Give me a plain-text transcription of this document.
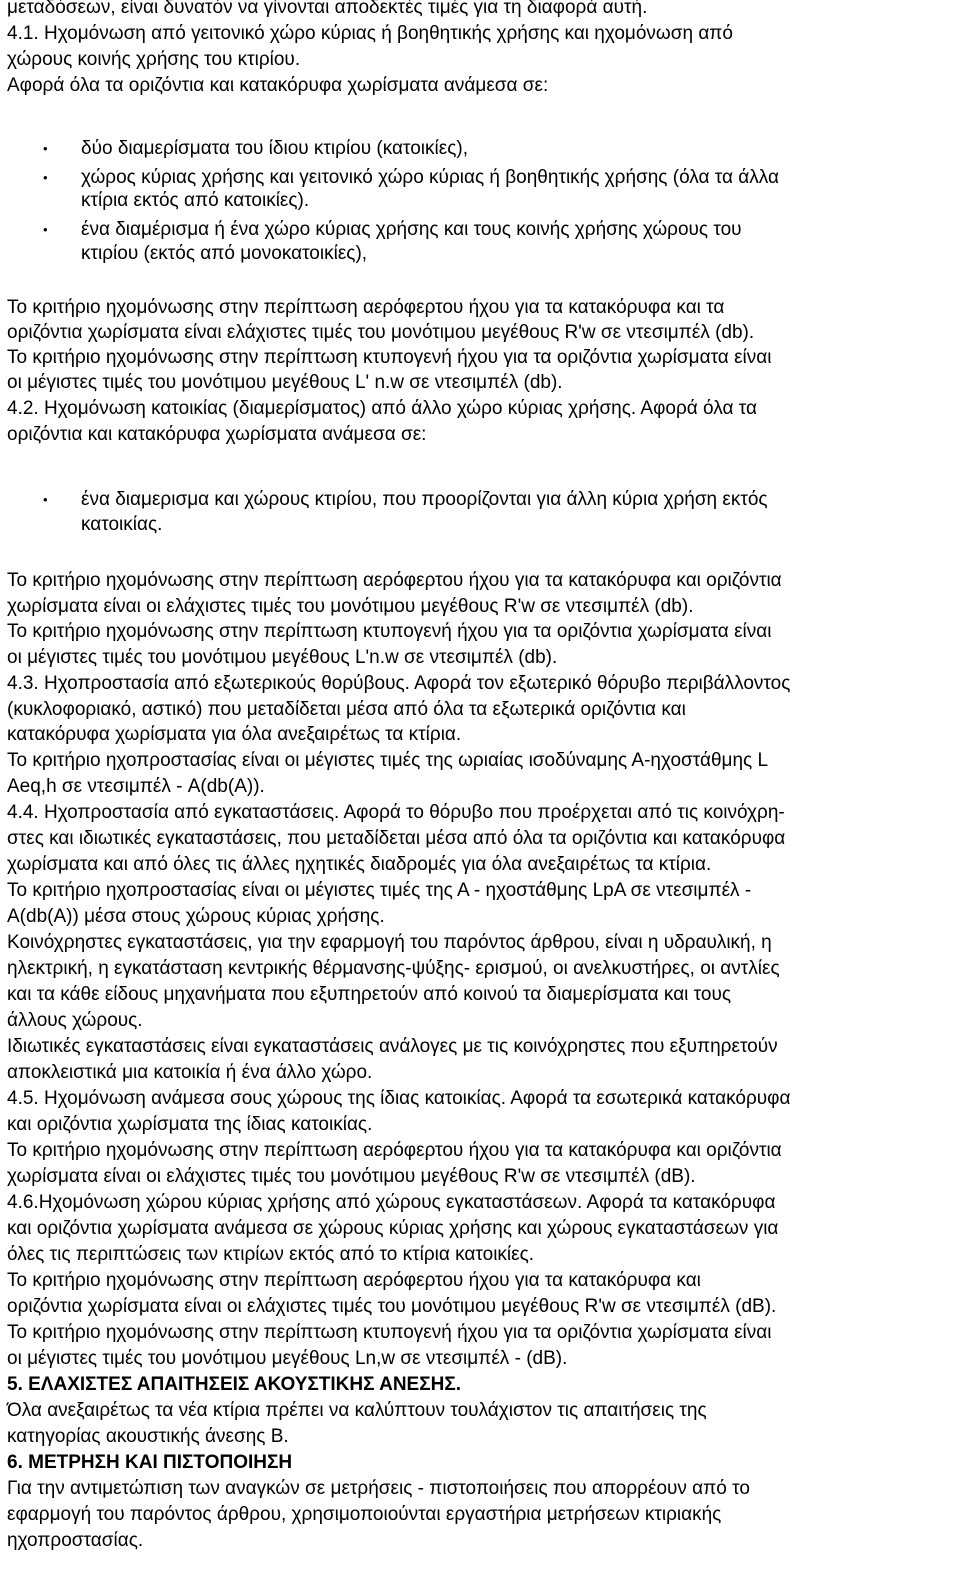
μεταδόσεων, είναι δυνατόν να γίνονται αποδεκτές τιμές για τη διαφορά αυτή.
4.1. Ηχομόνωση από γειτονικό χώρο κύριας ή βοηθητικής χρήσης και ηχομόνωση από
χώρους κοινής χρήσης του κτιρίου.
Αφορά όλα τα οριζόντια και κατακόρυφα χωρίσματα ανάμεσα σε:
• δύο διαμερίσματα του ίδιου κτιρίου (κατοικίες),
• χώρος κύριας χρήσης και γειτονικό χώρο κύριας ή βοηθητικής χρήσης (όλα τα άλλα
κτίρια εκτός από κατοικίες).
• ένα διαμέρισμα ή ένα χώρο κύριας χρήσης και τους κοινής χρήσης χώρους του
κτιρίου (εκτός από μονοκατοικίες),
Το κριτήριο ηχομόνωσης στην περίπτωση αερόφερτου ήχου για τα κατακόρυφα και τα
οριζόντια χωρίσματα είναι ελάχιστες τιμές του μονότιμου μεγέθους R'w σε ντεσιμπέλ (db).
Το κριτήριο ηχομόνωσης στην περίπτωση κτυπογενή ήχου για τα οριζόντια χωρίσματα είναι
οι μέγιστες τιμές του μονότιμου μεγέθους L' n.w σε ντεσιμπέλ (db).
4.2. Ηχομόνωση κατοικίας (διαμερίσματος) από άλλο χώρο κύριας χρήσης. Αφορά όλα τα
οριζόντια και κατακόρυφα χωρίσματα ανάμεσα σε:
• ένα διαμερισμα και χώρους κτιρίου, που προορίζονται για άλλη κύρια χρήση εκτός
κατοικίας.
Το κριτήριο ηχομόνωσης στην περίπτωση αερόφερτου ήχου για τα κατακόρυφα και οριζόντια
χωρίσματα είναι οι ελάχιστες τιμές του μονότιμου μεγέθους R'w σε ντεσιμπέλ (db).
Το κριτήριο ηχομόνωσης στην περίπτωση κτυπογενή ήχου για τα οριζόντια χωρίσματα είναι
οι μέγιστες τιμές του μονότιμου μεγέθους L'n.w σε ντεσιμπέλ (db).
4.3. Ηχοπροστασία από εξωτερικούς θορύβους. Αφορά τον εξωτερικό θόρυβο περιβάλλοντος
(κυκλοφοριακό, αστικό) που μεταδίδεται μέσα από όλα τα εξωτερικά οριζόντια και
κατακόρυφα χωρίσματα για όλα ανεξαιρέτως τα κτίρια.
Το κριτήριο ηχοπροστασίας είναι οι μέγιστες τιμές της ωριαίας ισοδύναμης Α-ηχοστάθμης L
Aeq,h σε ντεσιμπέλ - A(db(A)).
4.4. Ηχοπροστασία από εγκαταστάσεις. Αφορά το θόρυβο που προέρχεται από τις κοινόχρη-
στες και ιδιωτικές εγκαταστάσεις, που μεταδίδεται μέσα από όλα τα οριζόντια και κατακόρυφα
χωρίσματα και από όλες τις άλλες ηχητικές διαδρομές για όλα ανεξαιρέτως τα κτίρια.
Το κριτήριο ηχοπροστασίας είναι οι μέγιστες τιμές της Α - ηχοστάθμης LpA σε ντεσιμπέλ -
A(db(A)) μέσα στους χώρους κύριας χρήσης.
Κοινόχρηστες εγκαταστάσεις, για την εφαρμογή του παρόντος άρθρου, είναι η υδραυλική, η
ηλεκτρική, η εγκατάσταση κεντρικής θέρμανσης-ψύξης- ερισμού, οι ανελκυστήρες, οι αντλίες
και τα κάθε είδους μηχανήματα που εξυπηρετούν από κοινού τα διαμερίσματα και τους
άλλους χώρους.
Ιδιωτικές εγκαταστάσεις είναι εγκαταστάσεις ανάλογες με τις κοινόχρηστες που εξυπηρετούν
αποκλειστικά μια κατοικία ή ένα άλλο χώρο.
4.5. Ηχομόνωση ανάμεσα σους χώρους της ίδιας κατοικίας. Αφορά τα εσωτερικά κατακόρυφα
και οριζόντια χωρίσματα της ίδιας κατοικίας.
Το κριτήριο ηχομόνωσης στην περίπτωση αερόφερτου ήχου για τα κατακόρυφα και οριζόντια
χωρίσματα είναι οι ελάχιστες τιμές του μονότιμου μεγέθους R'w σε ντεσιμπέλ (dB).
4.6.Ηχομόνωση χώρου κύριας χρήσης από χώρους εγκαταστάσεων. Αφορά τα κατακόρυφα
και οριζόντια χωρίσματα ανάμεσα σε χώρους κύριας χρήσης και χώρους εγκαταστάσεων για
όλες τις περιπτώσεις των κτιρίων εκτός από το κτίρια κατοικίες.
Το κριτήριο ηχομόνωσης στην περίπτωση αερόφερτου ήχου για τα κατακόρυφα και
οριζόντια χωρίσματα είναι οι ελάχιστες τιμές του μονότιμου μεγέθους R'w σε ντεσιμπέλ (dB).
Το κριτήριο ηχομόνωσης στην περίπτωση κτυπογενή ήχου για τα οριζόντια χωρίσματα είναι
οι μέγιστες τιμές του μονότιμου μεγέθους Ln,w σε ντεσιμπέλ - (dB).
5. ΕΛΑΧΙΣΤΕΣ ΑΠΑΙΤΗΣΕΙΣ ΑΚΟΥΣΤΙΚΗΣ ΑΝΕΣΗΣ.
Όλα ανεξαιρέτως τα νέα κτίρια πρέπει να καλύπτουν τουλάχιστον τις απαιτήσεις της
κατηγορίας ακουστικής άνεσης Β.
6. ΜΕΤΡΗΣΗ ΚΑΙ ΠΙΣΤΟΠΟΙΗΣΗ
Για την αντιμετώπιση των αναγκών σε μετρήσεις - πιστοποιήσεις που απορρέουν από το
εφαρμογή του παρόντος άρθρου, χρησιμοποιούνται εργαστήρια μετρήσεων κτιριακής
ηχοπροστασίας.
